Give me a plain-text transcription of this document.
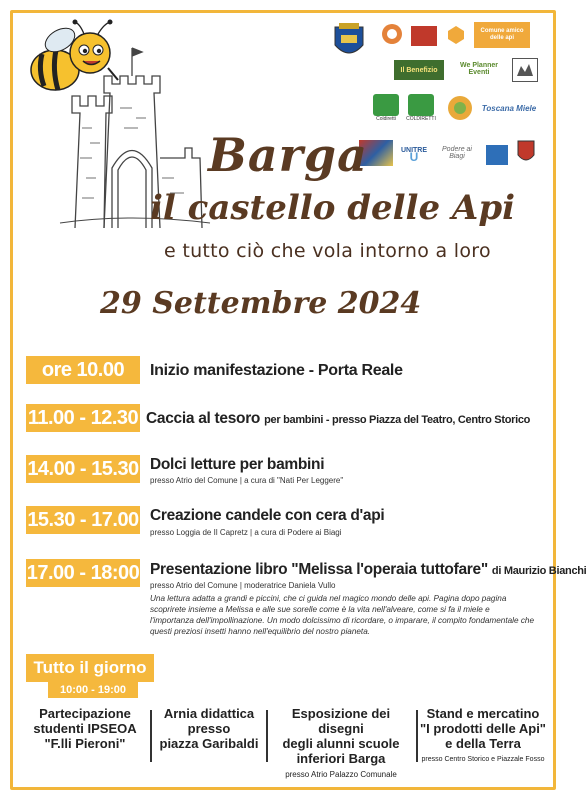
Comune amico delle api
Il Benefizio
We Planner Eventi
Coldiretti COLDIRETTI
Toscana Miele
UNITRE
U
Podere ai Biagi
Barga
il castello delle Api
e tutto ciò che vola intorno a loro
29 Settembre 2024
ore 10.00	Inizio manifestazione - Porta Reale
11.00 - 12.30 Caccia al tesoro per bambini - presso Piazza del Teatro, Centro Storico
14.00 - 15.30 Dolci letture per bambini
presso Atrio del Comune | a cura di "Nati Per Leggere"
15.30 - 17.00 Creazione candele con cera d'api
presso Loggia de Il Capretz | a cura di Podere ai Biagi
17.00 - 18:00 Presentazione libro "Melissa l'operaia tuttofare" di Maurizio Bianchi
presso Atrio del Comune | moderatrice Daniela Vullo
Una lettura adatta a grandi e piccini, che ci guida nel magico mondo delle api. Pagina dopo pagina scoprirete insieme a Melissa e alle sue sorelle come è la vita nell'alveare, come si fa il miele e l'importanza dell'impollinazione. Un modo dolcissimo di ricordare, o imparare, il compito fondamentale che questi preziosi insetti hanno nell'equilibrio del nostro pianeta.
Tutto il giorno
10:00 - 19:00
Partecipazione
studenti IPSEOA
"F.lli Pieroni"
Arnia didattica
presso
piazza Garibaldi
Esposizione dei disegni
degli alunni scuole
inferiori Barga
presso Atrio Palazzo Comunale
Stand e mercatino
"I prodotti delle Api"
e della Terra
presso Centro Storico e Piazzale Fosso
